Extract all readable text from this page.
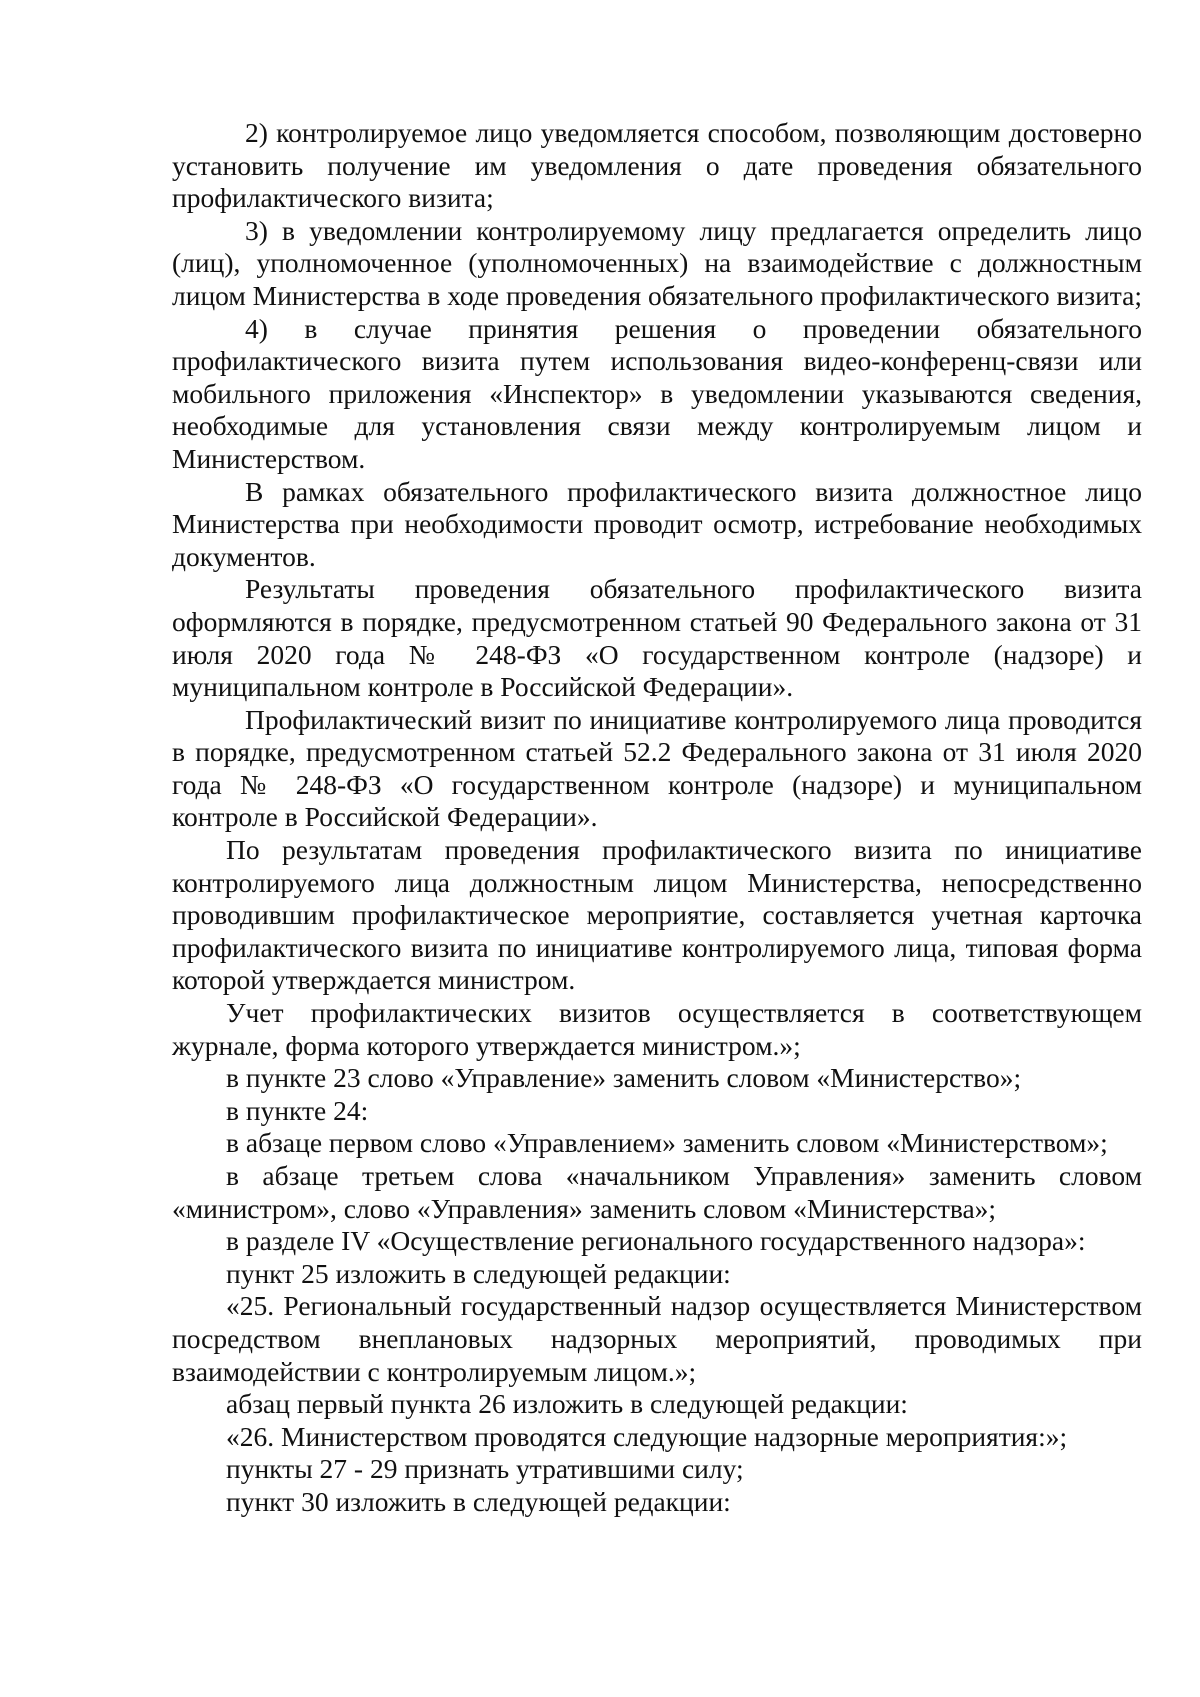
2) контролируемое лицо уведомляется способом, позволяющим достоверно установить получение им уведомления о дате проведения обязательного профилактического визита;

3) в уведомлении контролируемому лицу предлагается определить лицо (лиц), уполномоченное (уполномоченных) на взаимодействие с должностным лицом Министерства в ходе проведения обязательного профилактического визита;

4) в случае принятия решения о проведении обязательного профилактического визита путем использования видео-конференц-связи или мобильного приложения «Инспектор» в уведомлении указываются сведения, необходимые для установления связи между контролируемым лицом и Министерством.

В рамках обязательного профилактического визита должностное лицо Министерства при необходимости проводит осмотр, истребование необходимых документов.

Результаты проведения обязательного профилактического визита оформляются в порядке, предусмотренном статьей 90 Федерального закона от 31 июля 2020 года № 248-ФЗ «О государственном контроле (надзоре) и муниципальном контроле в Российской Федерации».

Профилактический визит по инициативе контролируемого лица проводится в порядке, предусмотренном статьей 52.2 Федерального закона от 31 июля 2020 года № 248-ФЗ «О государственном контроле (надзоре) и муниципальном контроле в Российской Федерации».

По результатам проведения профилактического визита по инициативе контролируемого лица должностным лицом Министерства, непосредственно проводившим профилактическое мероприятие, составляется учетная карточка профилактического визита по инициативе контролируемого лица, типовая форма которой утверждается министром.

Учет профилактических визитов осуществляется в соответствующем журнале, форма которого утверждается министром.»;

в пункте 23 слово «Управление» заменить словом «Министерство»;

в пункте 24:

в абзаце первом слово «Управлением» заменить словом «Министерством»;

в абзаце третьем слова «начальником Управления» заменить словом «министром», слово «Управления» заменить словом «Министерства»;

в разделе IV «Осуществление регионального государственного надзора»:

пункт 25 изложить в следующей редакции:

«25. Региональный государственный надзор осуществляется Министерством посредством внеплановых надзорных мероприятий, проводимых при взаимодействии с контролируемым лицом.»;

абзац первый пункта 26 изложить в следующей редакции:

«26. Министерством проводятся следующие надзорные мероприятия:»;

пункты 27 - 29 признать утратившими силу;

пункт 30 изложить в следующей редакции:
